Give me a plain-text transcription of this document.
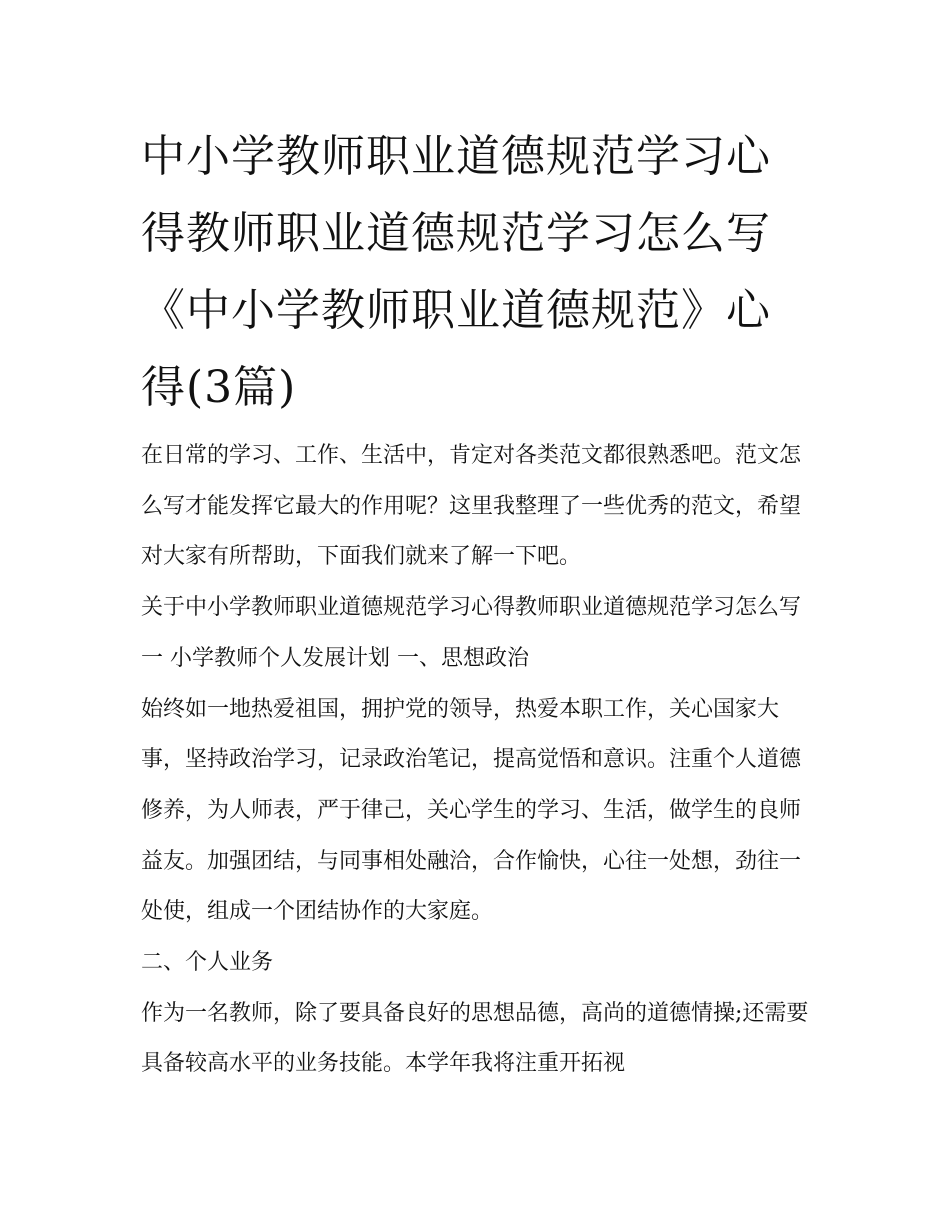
中小学教师职业道德规范学习心得教师职业道德规范学习怎么写 《中小学教师职业道德规范》心得(3篇)

在日常的学习、工作、生活中，肯定对各类范文都很熟悉吧。范文怎么写才能发挥它最大的作用呢？这里我整理了一些优秀的范文，希望对大家有所帮助，下面我们就来了解一下吧。

关于中小学教师职业道德规范学习心得教师职业道德规范学习怎么写一 小学教师个人发展计划 一、思想政治

始终如一地热爱祖国，拥护党的领导，热爱本职工作，关心国家大事，坚持政治学习，记录政治笔记，提高觉悟和意识。注重个人道德修养，为人师表，严于律己，关心学生的学习、生活，做学生的良师益友。加强团结，与同事相处融洽，合作愉快，心往一处想，劲往一处使，组成一个团结协作的大家庭。

二、个人业务

作为一名教师，除了要具备良好的思想品德，高尚的道德情操;还需要具备较高水平的业务技能。本学年我将注重开拓视
